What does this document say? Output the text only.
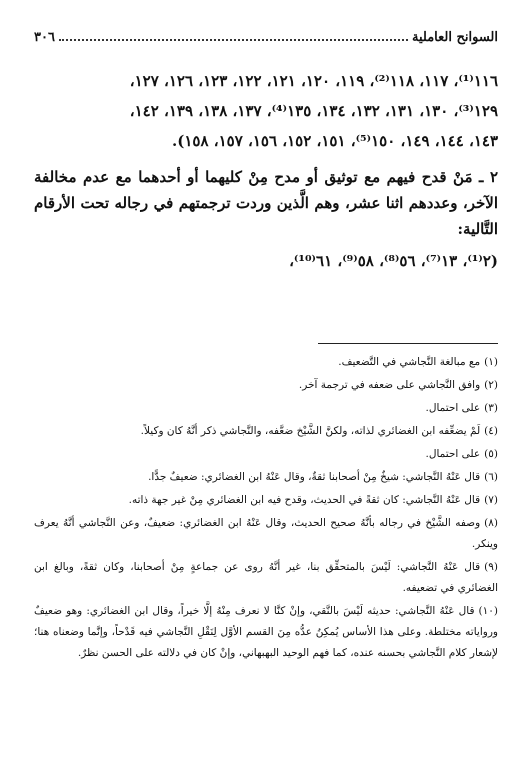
٣٠٦	السوانح العاملية

١١٦⁽¹⁾، ١١٧، ١١٨⁽²⁾، ١١٩، ١٢٠، ١٢١، ١٢٢، ١٢٣، ١٢٦، ١٢٧،

١٢٩⁽³⁾، ١٣٠، ١٣١، ١٣٢، ١٣٤، ١٣٥⁽⁴⁾، ١٣٧، ١٣٨، ١٣٩، ١٤٢،

١٤٣، ١٤٤، ١٤٩، ١٥٠⁽⁵⁾، ١٥١، ١٥٢، ١٥٦، ١٥٧، ١٥٨).

٢ ـ مَنْ قدح فيهم مع توثيق أو مدح مِنْ كليهما أو أحدهما مع عدم مخالفة الآخر، وعددهم اثنا عشر، وهم الَّذين وردت ترجمتهم في رجاله تحت الأرقام التَّالية:

(٢⁽¹⁾، ١٣⁽⁷⁾، ٥٦⁽⁸⁾، ٥٨⁽⁹⁾، ٦١⁽¹⁰⁾،

(١)مع مبالغة النَّجاشي في التَّضعيف.

(٢)وافق النَّجاشي على ضعفه في ترجمة آخر.

(٣)على احتمال.

(٤)لَمْ يضعِّفه ابن الغضائري لذاته، ولكنَّ الشَّيْخ ضعَّفه، والنَّجاشي ذكر أنَّهُ كان وكيلاً.

(٥)على احتمال.

(٦)قال عَنْهُ النَّجاشي: شيخٌ مِنْ أصحابنا ثقةٌ، وقال عَنْهُ ابن الغضائري: ضعيفٌ جدًّا.

(٧)قال عَنْهُ النَّجاشي: كان ثقةً في الحديث، وقدح فيه ابن الغضائري مِنْ غير جهة ذاته.

(٨)وصفه الشَّيْخ في رجاله بأنَّهُ صحيح الحديث، وقال عَنْهُ ابن الغضائري: ضعيفٌ، وعن النَّجاشي أنَّهُ يعرف وينكر.

(٩)قال عَنْهُ النَّجاشي: لَيْسَ بالمتحقِّق بنا، غير أنَّهُ روى عن جماعةٍ مِنْ أصحابنا، وكان ثقةً، وبالغ ابن الغضائري في تضعيفه.

(١٠)قال عَنْهُ النَّجاشي: حديثه لَيْسَ بالنَّقي، وإنْ كنَّا لا نعرف مِنْهُ إلَّا خيراً، وقال ابن الغضائري: وهو ضعيفٌ ورواياته مختلطة. وعلى هذا الأساس يُمكِنُ عدُّه مِنَ القسم الأوَّل لِنَقْلِ النَّجاشي فيه قَدْحاً، وإنَّما وضعناه هنا؛ لإشعار كلام النَّجاشي بحسنه عنده، كما فهم الوحيد البهبهاني، وإنْ كان في دلالته على الحسن نظرٌ.
